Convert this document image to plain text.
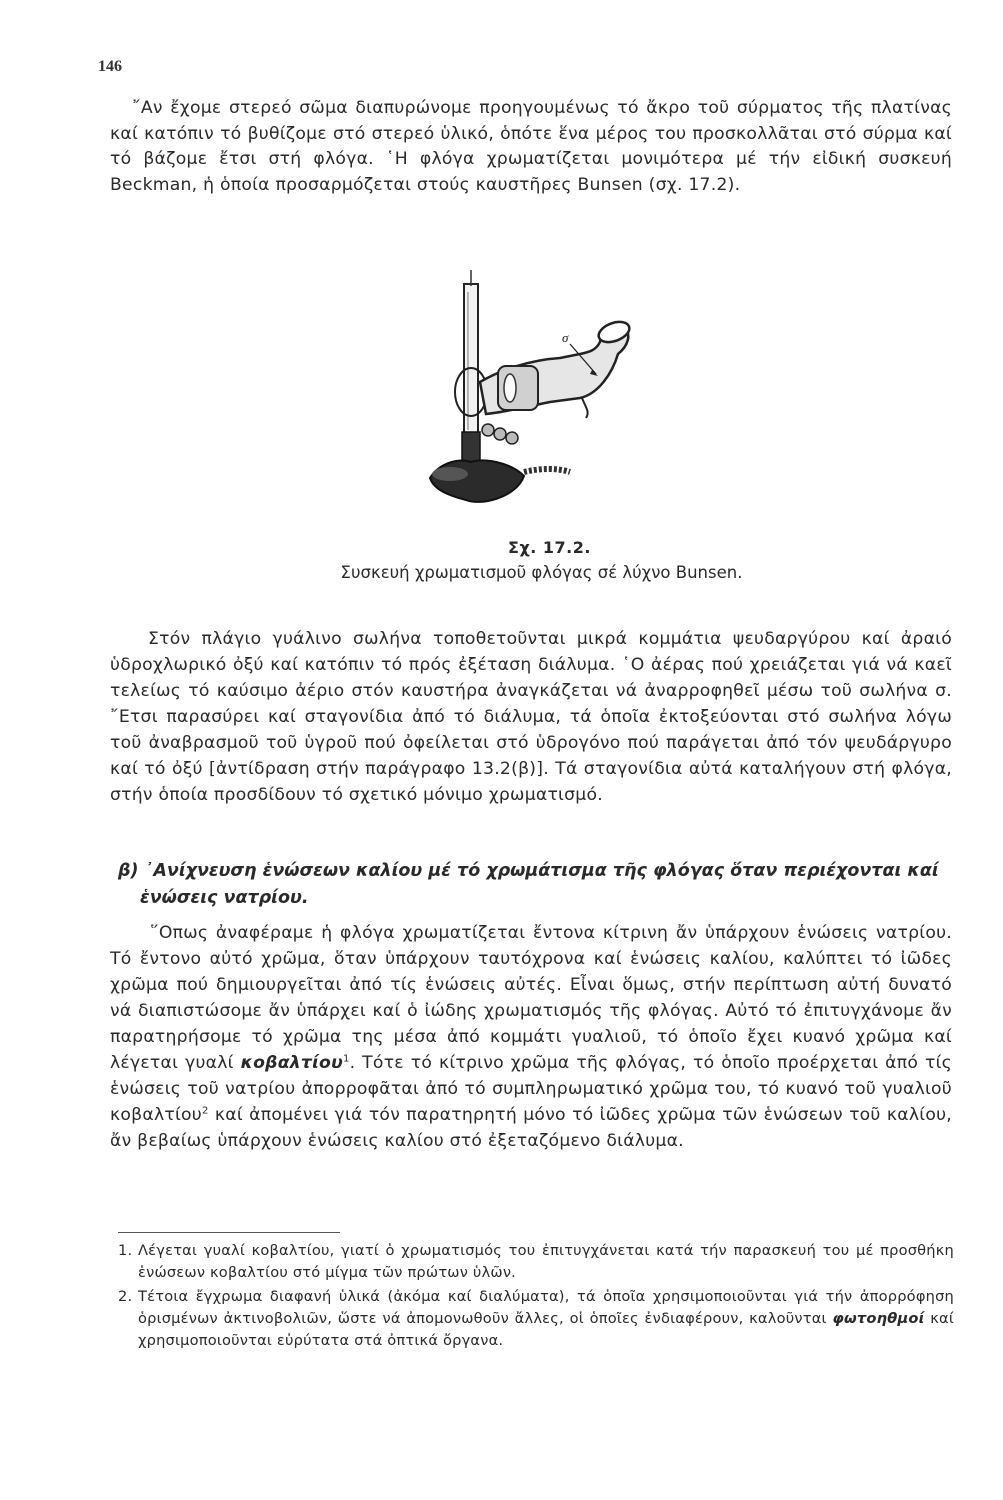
146

῎Αν ἔχομε στερεό σῶμα διαπυρώνομε προηγουμένως τό ἄκρο τοῦ σύρματος τῆς πλατίνας καί κατόπιν τό βυθίζομε στό στερεό ὑλικό, ὁπότε ἕνα μέρος του προσκολλᾶται στό σύρμα καί τό βάζομε ἔτσι στή φλόγα. ῾Η φλόγα χρωματίζεται μονιμότερα μέ τήν εἰδική συσκευή Beckman, ἡ ὁποία προσαρμόζεται στούς καυστῆρες Bunsen (σχ. 17.2).

σ

Σχ. 17.2.

Συσκευή χρωματισμοῦ φλόγας σέ λύχνο Bunsen.

Στόν πλάγιο γυάλινο σωλήνα τοποθετοῦνται μικρά κομμάτια ψευδαργύρου καί ἀραιό ὑδροχλωρικό ὀξύ καί κατόπιν τό πρός ἐξέταση διάλυμα. ῾Ο ἀέρας πού χρειάζεται γιά νά καεῖ τελείως τό καύσιμο ἀέριο στόν καυστήρα ἀναγκάζεται νά ἀναρροφηθεῖ μέσω τοῦ σωλήνα σ. ῎Ετσι παρασύρει καί σταγονίδια ἀπό τό διάλυμα, τά ὁποῖα ἐκτοξεύονται στό σωλήνα λόγω τοῦ ἀναβρασμοῦ τοῦ ὑγροῦ πού ὀφείλεται στό ὑδρογόνο πού παράγεται ἀπό τόν ψευδάργυρο καί τό ὀξύ [ἀντίδραση στήν παράγραφο 13.2(β)]. Τά σταγονίδια αὐτά καταλήγουν στή φλόγα, στήν ὁποία προσδίδουν τό σχετικό μόνιμο χρωματισμό.

β) ᾿Ανίχνευση ἑνώσεων καλίου μέ τό χρωμάτισμα τῆς φλόγας ὅταν περιέχονται καί
ἑνώσεις νατρίου.

῞Οπως ἀναφέραμε ἡ φλόγα χρωματίζεται ἔντονα κίτρινη ἄν ὑπάρχουν ἑνώσεις νατρίου. Τό ἔντονο αὐτό χρῶμα, ὅταν ὑπάρχουν ταυτόχρονα καί ἑνώσεις καλίου, καλύπτει τό ἰῶδες χρῶμα πού δημιουργεῖται ἀπό τίς ἑνώσεις αὐτές. Εἶναι ὅμως, στήν περίπτωση αὐτή δυνατό νά διαπιστώσομε ἄν ὑπάρχει καί ὁ ἰώδης χρωματισμός τῆς φλόγας. Αὐτό τό ἐπιτυγχάνομε ἄν παρατηρήσομε τό χρῶμα της μέσα ἀπό κομμάτι γυαλιοῦ, τό ὁποῖο ἔχει κυανό χρῶμα καί λέγεται γυαλί κοβαλτίου$^1$. Τότε τό κίτρινο χρῶμα τῆς φλόγας, τό ὁποῖο προέρχεται ἀπό τίς ἑνώσεις τοῦ νατρίου ἀπορροφᾶται ἀπό τό συμπληρωματικό χρῶμα του, τό κυανό τοῦ γυαλιοῦ κοβαλτίου$^2$ καί ἀπομένει γιά τόν παρατηρητή μόνο τό ἰῶδες χρῶμα τῶν ἑνώσεων τοῦ καλίου, ἄν βεβαίως ὑπάρχουν ἑνώσεις καλίου στό ἐξεταζόμενο διάλυμα.

1. Λέγεται γυαλί κοβαλτίου, γιατί ὁ χρωματισμός του ἐπιτυγχάνεται κατά τήν παρασκευή του μέ προσθήκη ἑνώσεων κοβαλτίου στό μίγμα τῶν πρώτων ὑλῶν.
2. Τέτοια ἔγχρωμα διαφανή ὑλικά (ἀκόμα καί διαλύματα), τά ὁποῖα χρησιμοποιοῦνται γιά τήν ἀπορρόφηση ὁρισμένων ἀκτινοβολιῶν, ὥστε νά ἀπομονωθοῦν ἄλλες, οἱ ὁποῖες ἐνδιαφέρουν, καλοῦνται φωτοηθμοί καί χρησιμοποιοῦνται εὐρύτατα στά ὀπτικά ὄργανα.
